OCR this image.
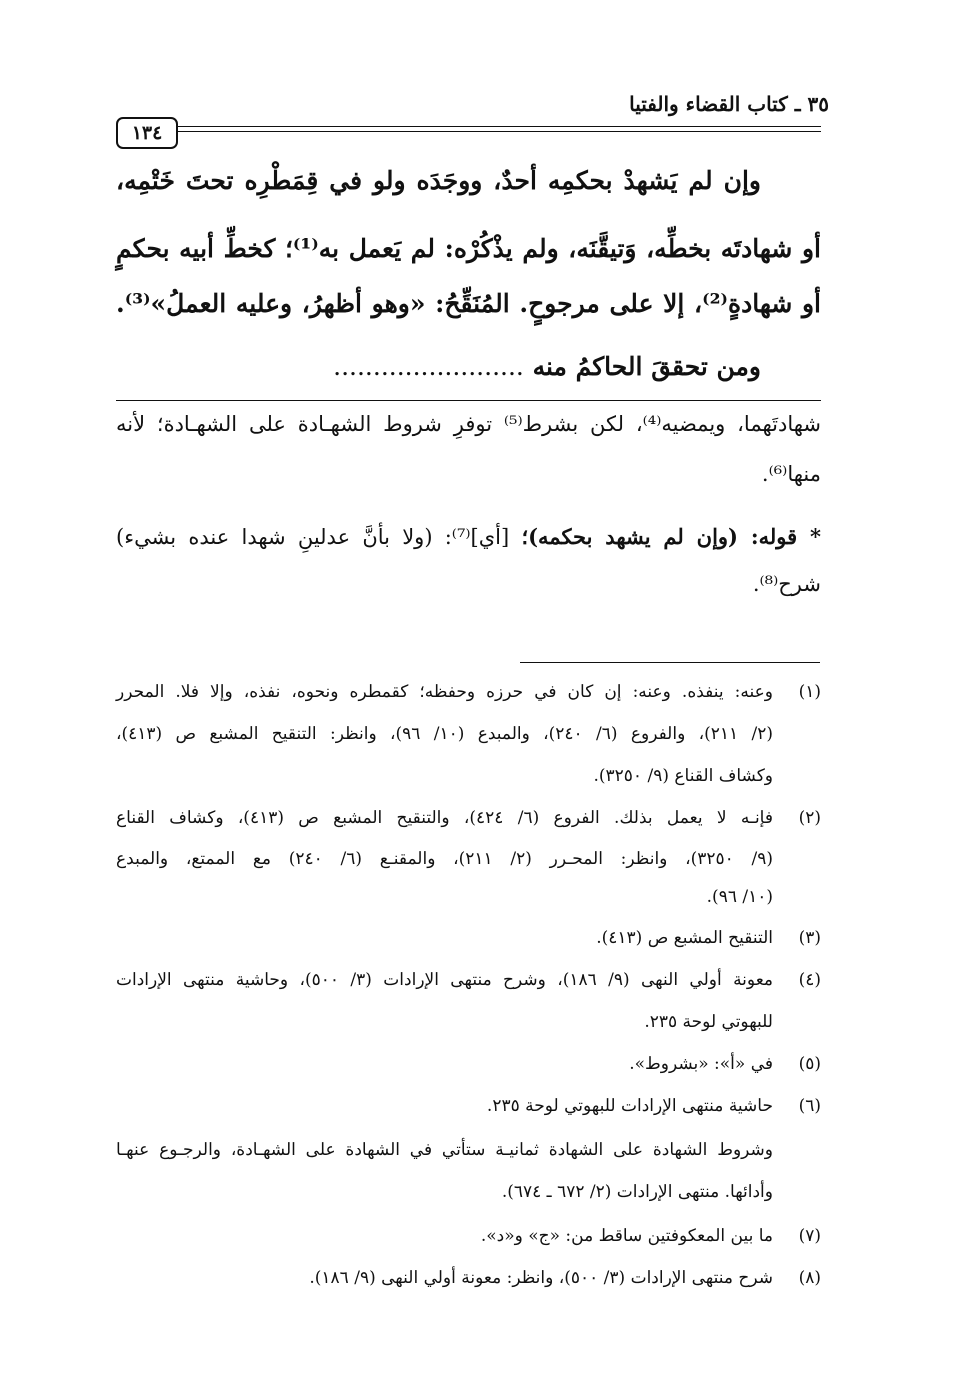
٣٥ ـ كتاب القضاء والفتيا
١٣٤
وإن لم يَشهدْ بحكمِه أحدٌ، ووجَدَه ولو في قِمَطْرِه تحتَ خَتْمِه،
أو شهادتَه بخطِّه، وَتيقَّنَه، ولم يذْكُرْه: لم يَعمل به⁽¹⁾؛ كخطِّ أبيه بحكمٍ
أو شهادةٍ⁽²⁾، إلا على مرجوحٍ. المُنَقِّحُ: «وهو أظهرُ، وعليه العملُ»⁽³⁾.
ومن تحققَ الحاكمُ منه ........................
شهادتَهما، ويمضيه⁽⁴⁾، لكن بشرط⁽⁵⁾ توفرِ شروط الشهـادة على الشهـادة؛ لأنه
منها⁽⁶⁾.
* قوله: (وإن لم يشهد بحكمه)؛ [أي]⁽⁷⁾: (ولا بأنَّ عدلينِ شهدا عنده بشيء)
شرح⁽⁸⁾.
(١)
وعنه: ينفذه. وعنه: إن كان في حرزه وحفظه؛ كقمطره ونحوه، نفذه، وإلا فلا. المحرر
(٢/ ٢١١)، والفروع (٦/ ٢٤٠)، والمبدع (١٠/ ٩٦)، وانظر: التنقيح المشبع ص (٤١٣)،
وكشاف القناع (٩/ ٣٢٥٠).
(٢)
فإنـه لا يعمل بذلك. الفروع (٦/ ٤٢٤)، والتنقيح المشبع ص (٤١٣)، وكشاف القناع
(٩/ ٣٢٥٠)، وانظر: المحـرر (٢/ ٢١١)، والمقنـع (٦/ ٢٤٠) مع الممتع، والمبدع
(١٠/ ٩٦).
(٣)
التنقيح المشبع ص (٤١٣).
(٤)
معونة أولي النهى (٩/ ١٨٦)، وشرح منتهى الإرادات (٣/ ٥٠٠)، وحاشية منتهى الإرادات
للبهوتي لوحة ٢٣٥.
(٥)
في «أ»: «بشروط».
(٦)
حاشية منتهى الإرادات للبهوتي لوحة ٢٣٥.
وشروط الشهادة على الشهادة ثمانيـة ستأتي في الشهادة على الشهـادة، والرجـوع عنهـا
وأدائها. منتهى الإرادات (٢/ ٦٧٢ ـ ٦٧٤).
(٧)
ما بين المعكوفتين ساقط من: «ج» و«د».
(٨)
شرح منتهى الإرادات (٣/ ٥٠٠)، وانظر: معونة أولي النهى (٩/ ١٨٦).
